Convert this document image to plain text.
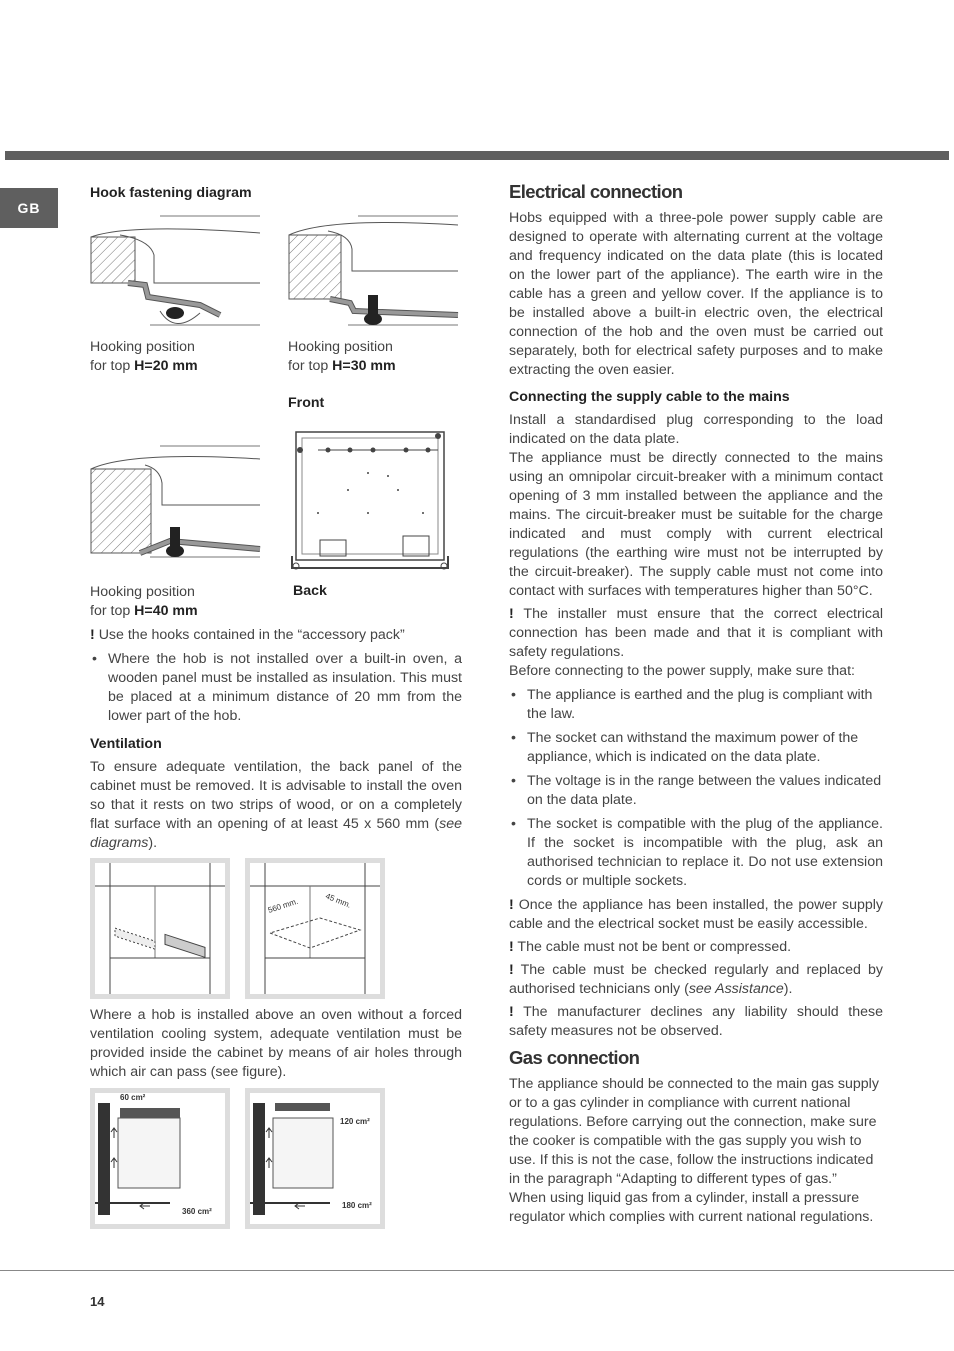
GB
Hook fastening diagram
Hooking position
for top H=20 mm
Hooking position
for top H=30 mm
Front
Hooking position
for top H=40 mm
Back

! Use the hooks contained in the “accessory pack”

• Where the hob is not installed over a built-in oven, a wooden panel must be installed as insulation. This must be placed at a minimum distance of 20 mm from the lower part of the hob.

Ventilation

To ensure adequate ventilation, the back panel of the cabinet must be removed. It is advisable to install the oven so that it rests on two strips of wood, or on a completely flat surface with an opening of at least 45 x 560 mm (see diagrams).

560 mm.	45 mm.

Where a hob is installed above an oven without a forced ventilation cooling system, adequate ventilation must be provided inside the cabinet by means of air holes through which air can pass (see figure).

60 cm²
360 cm²
120 cm²
180 cm²
Electrical connection

Hobs equipped with a three-pole power supply cable are designed to operate with alternating current at the voltage and frequency indicated on the data plate (this is located on the lower part of the appliance). The earth wire in the cable has a green and yellow cover. If the appliance is to be installed above a built-in electric oven, the electrical connection of the hob and the oven must be carried out separately, both for electrical safety purposes and to make extracting the oven easier.

Connecting the supply cable to the mains

Install a standardised plug corresponding to the load indicated on the data plate.

The appliance must be directly connected to the mains using an omnipolar circuit-breaker with a minimum contact opening of 3 mm installed between the appliance and the mains. The circuit-breaker must be suitable for the charge indicated and must comply with current electrical regulations (the earthing wire must not be interrupted by the circuit-breaker). The supply cable must not come into contact with surfaces with temperatures higher than 50°C.

! The installer must ensure that the correct electrical connection has been made and that it is compliant with safety regulations.

Before connecting to the power supply, make sure that:

• The appliance is earthed and the plug is compliant with the law.
• The socket can withstand the maximum power of the appliance, which is indicated on the data plate.
• The voltage is in the range between the values indicated on the data plate.
• The socket is compatible with the plug of the appliance. If the socket is incompatible with the plug, ask an authorised technician to replace it. Do not use extension cords or multiple sockets.

! Once the appliance has been installed, the power supply cable and the electrical socket must be easily accessible.

! The cable must not be bent or compressed.

! The cable must be checked regularly and replaced by authorised technicians only (see Assistance).

! The manufacturer declines any liability should these safety measures not be observed.

Gas connection

The appliance should be connected to the main gas supply or to a gas cylinder in compliance with current national regulations. Before carrying out the connection, make sure the cooker is compatible with the gas supply you wish to use. If this is not the case, follow the instructions indicated in the paragraph “Adapting to different types of gas.”

When using liquid gas from a cylinder, install a pressure regulator which complies with current national regulations.

14
